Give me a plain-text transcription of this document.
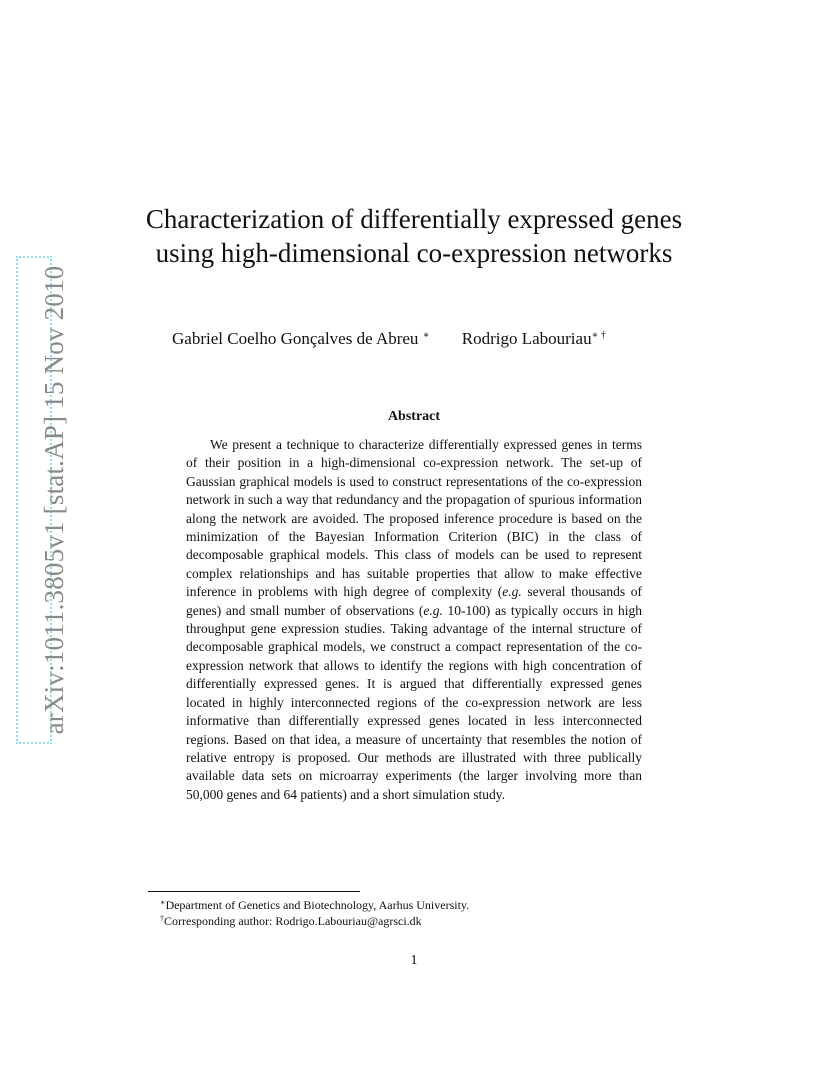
arXiv:1011.3805v1 [stat.AP] 15 Nov 2010
Characterization of differentially expressed genes using high-dimensional co-expression networks
Gabriel Coelho Gonçalves de Abreu ∗ Rodrigo Labouriau∗ †
Abstract
We present a technique to characterize differentially expressed genes in terms of their position in a high-dimensional co-expression network. The set-up of Gaussian graphical models is used to construct representations of the co-expression network in such a way that redundancy and the propagation of spurious information along the network are avoided. The proposed inference procedure is based on the minimization of the Bayesian Information Criterion (BIC) in the class of decomposable graphical models. This class of models can be used to represent complex relationships and has suitable properties that allow to make effective inference in problems with high degree of complexity (e.g. several thousands of genes) and small number of observations (e.g. 10-100) as typically occurs in high throughput gene expression studies. Taking advantage of the internal structure of decomposable graphical models, we construct a compact representation of the co-expression network that allows to identify the regions with high concentration of differentially expressed genes. It is argued that differentially expressed genes located in highly interconnected regions of the co-expression network are less informative than differentially expressed genes located in less interconnected regions. Based on that idea, a measure of uncertainty that resembles the notion of relative entropy is proposed. Our methods are illustrated with three publically available data sets on microarray experiments (the larger involving more than 50,000 genes and 64 patients) and a short simulation study.
∗Department of Genetics and Biotechnology, Aarhus University.
†Corresponding author: Rodrigo.Labouriau@agrsci.dk
1
